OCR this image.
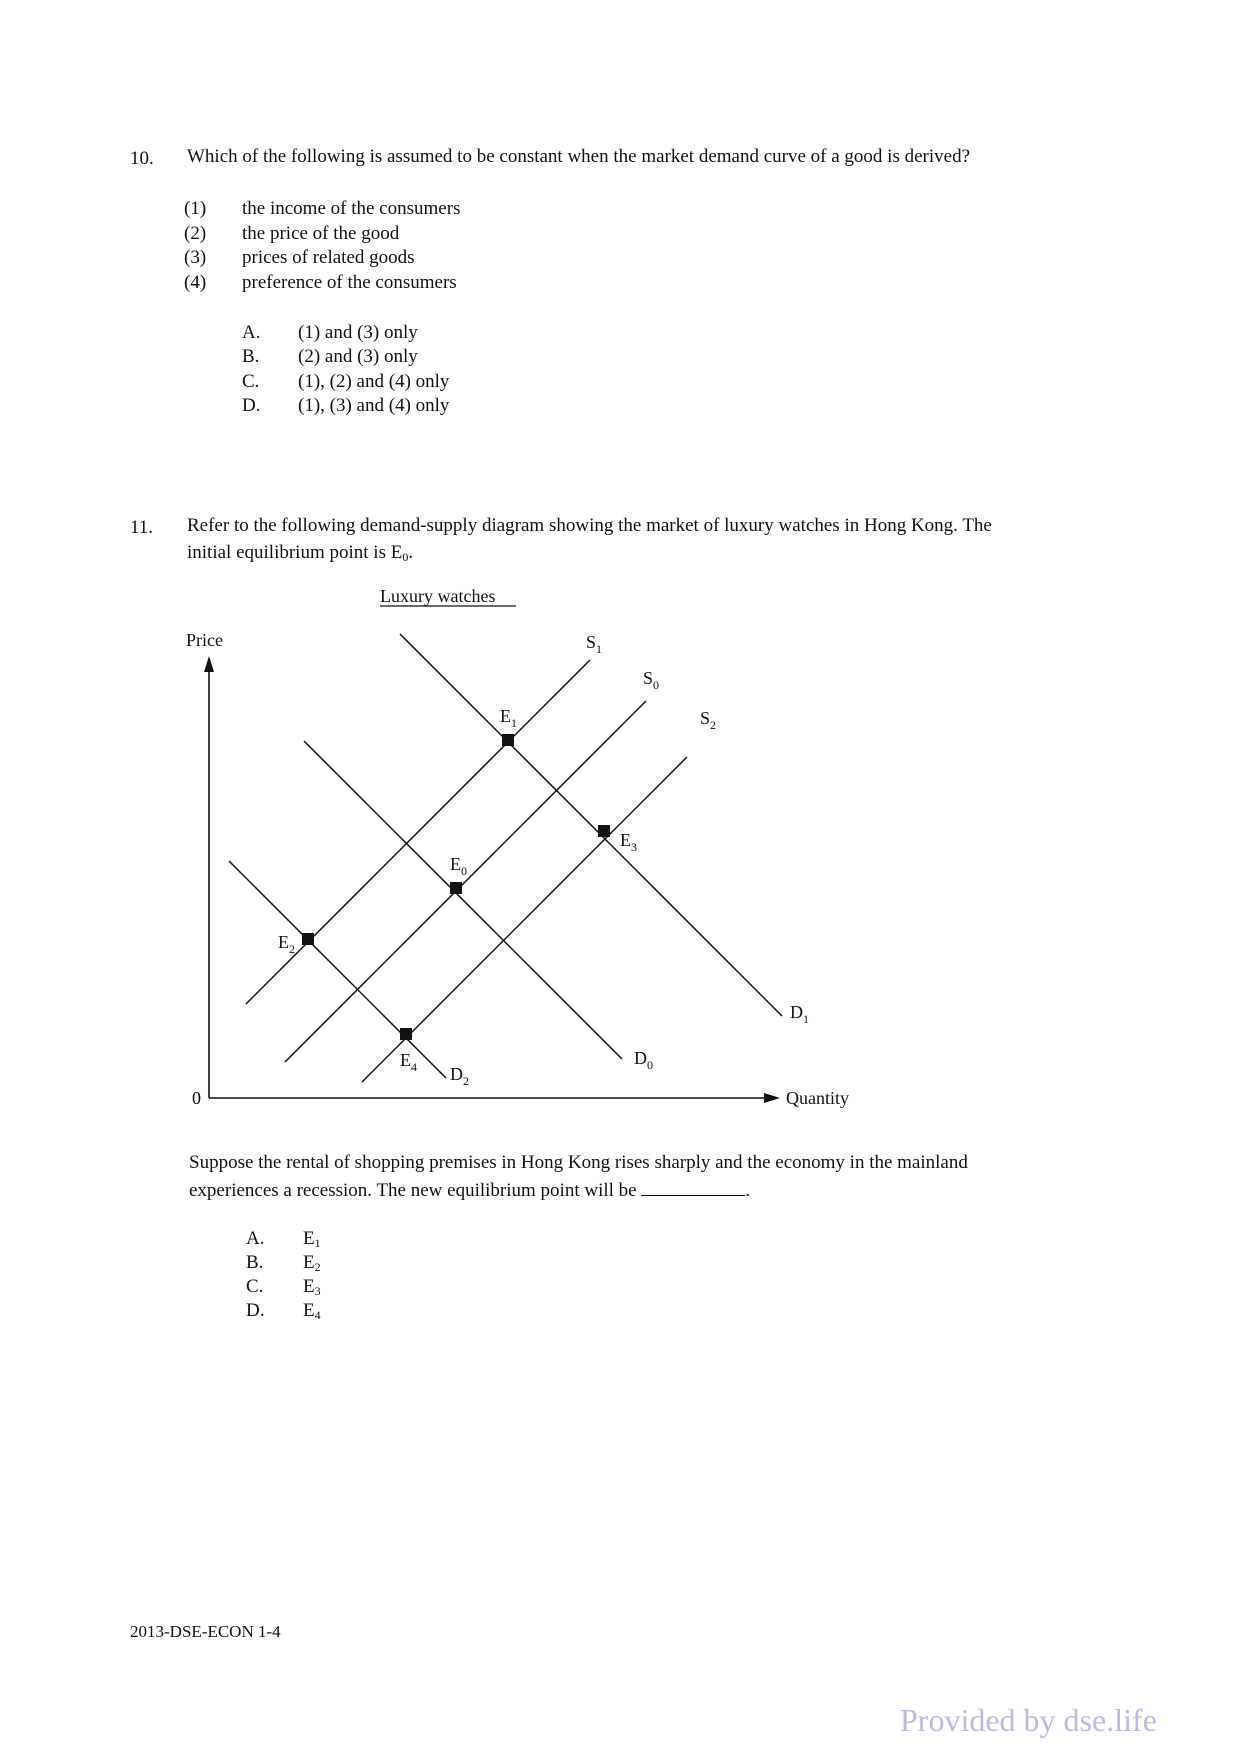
10. Which of the following is assumed to be constant when the market demand curve of a good is derived?
(1) the income of the consumers
(2) the price of the good
(3) prices of related goods
(4) preference of the consumers
A. (1) and (3) only
B. (2) and (3) only
C. (1), (2) and (4) only
D. (1), (3) and (4) only
11. Refer to the following demand-supply diagram showing the market of luxury watches in Hong Kong. The
initial equilibrium point is $E_0$.
Luxury watches
Price
Quantity
0
$S_1$
$S_0$
$S_2$
$D_1$
$D_0$
$D_2$
$E_1$
$E_0$
$E_3$
$E_2$
$E_4$
Suppose the rental of shopping premises in Hong Kong rises sharply and the economy in the mainland
experiences a recession. The new equilibrium point will be	.
A. $E_1$
B. $E_2$
C. $E_3$
D. $E_4$
2013-DSE-ECON 1-4
Provided by dse.life
